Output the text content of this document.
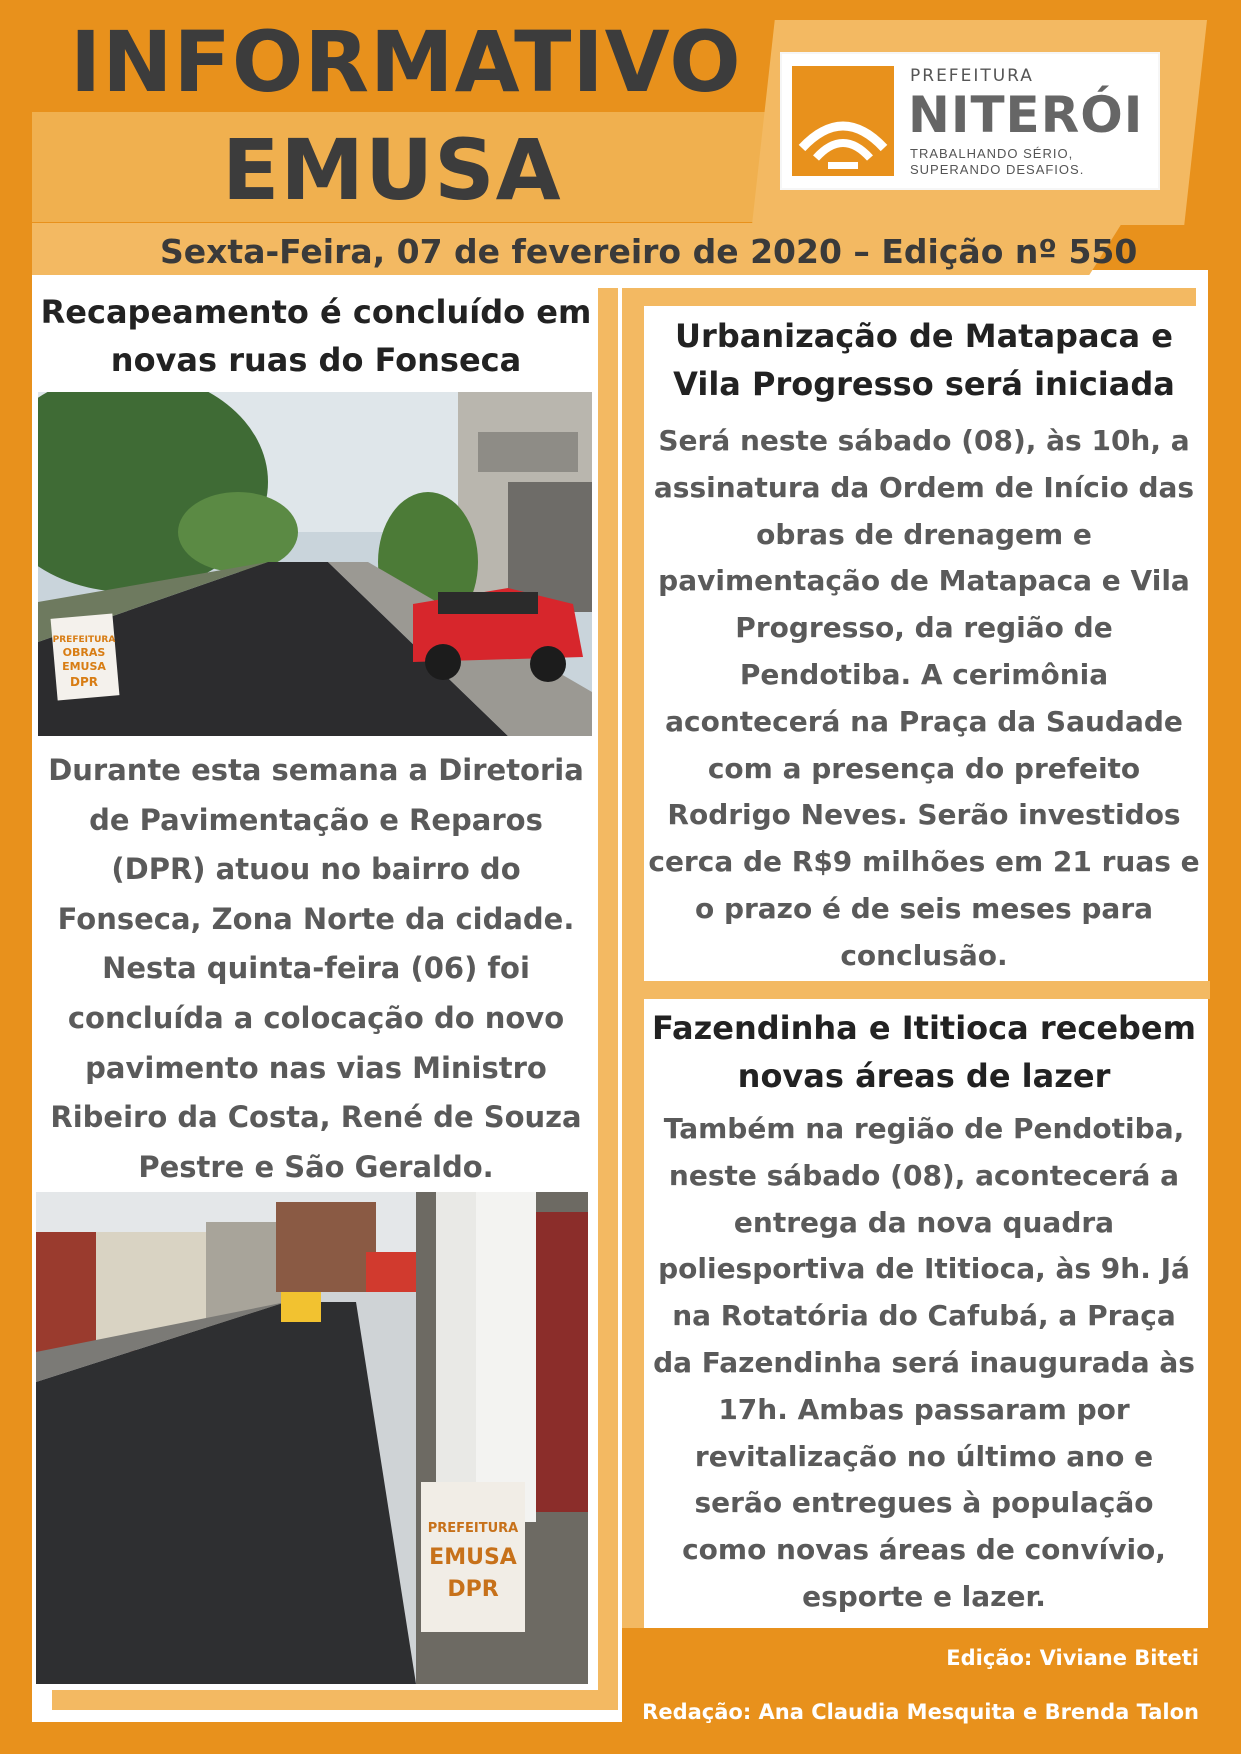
INFORMATIVO
EMUSA
PREFEITURA
NITERÓI
TRABALHANDO SÉRIO,
SUPERANDO DESAFIOS.

Sexta-Feira, 07 de fevereiro de 2020 – Edição nº 550

Recapeamento é concluído em novas ruas do Fonseca
PREFEITURA
OBRAS
EMUSA
DPR

Durante esta semana a Diretoria de Pavimentação e Reparos (DPR) atuou no bairro do Fonseca, Zona Norte da cidade. Nesta quinta-feira (06) foi concluída a colocação do novo pavimento nas vias Ministro Ribeiro da Costa, René de Souza Pestre e São Geraldo.

PREFEITURA
EMUSA
DPR
Urbanização de Matapaca e Vila Progresso será iniciada

Será neste sábado (08), às 10h, a assinatura da Ordem de Início das obras de drenagem e pavimentação de Matapaca e Vila Progresso, da região de Pendotiba. A cerimônia acontecerá na Praça da Saudade com a presença do prefeito Rodrigo Neves. Serão investidos cerca de R$9 milhões em 21 ruas e o prazo é de seis meses para conclusão.

Fazendinha e Ititioca recebem novas áreas de lazer

Também na região de Pendotiba, neste sábado (08), acontecerá a entrega da nova quadra poliesportiva de Ititioca, às 9h. Já na Rotatória do Cafubá, a Praça da Fazendinha será inaugurada às 17h. Ambas passaram por revitalização no último ano e serão entregues à população como novas áreas de convívio, esporte e lazer.

Edição: Viviane Biteti

Redação: Ana Claudia Mesquita e Brenda Talon
